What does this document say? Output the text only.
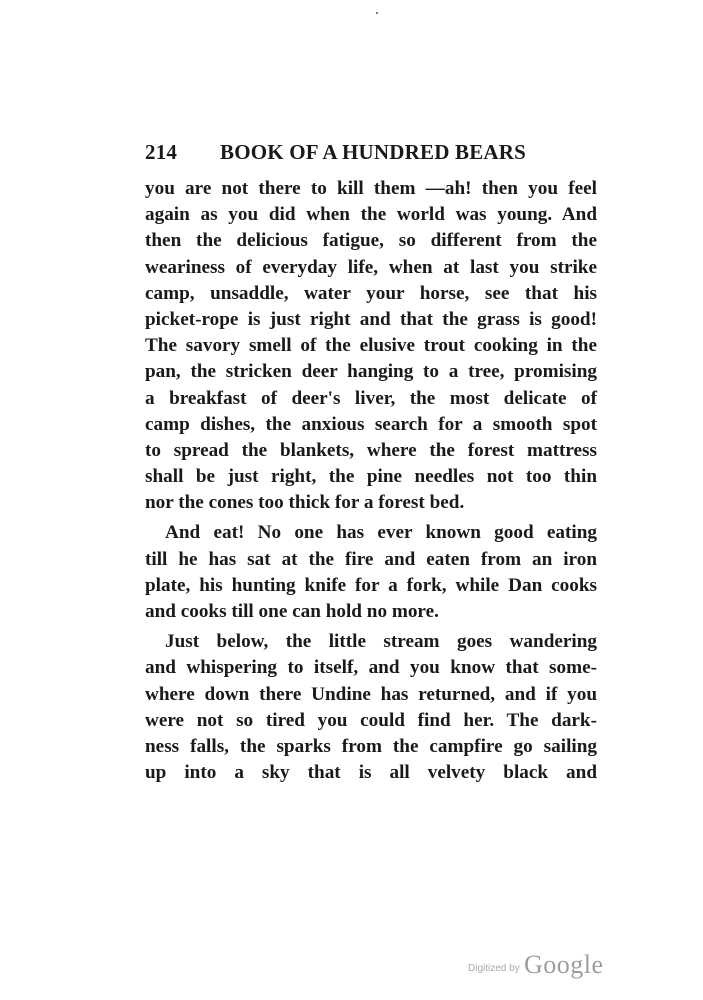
214 BOOK OF A HUNDRED BEARS
you are not there to kill them —ah! then you feel
again as you did when the world was young. And
then the delicious fatigue, so different from the
weariness of everyday life, when at last you strike
camp, unsaddle, water your horse, see that his
picket-rope is just right and that the grass is good!
The savory smell of the elusive trout cooking in the
pan, the stricken deer hanging to a tree, promising
a breakfast of deer's liver, the most delicate of
camp dishes, the anxious search for a smooth spot
to spread the blankets, where the forest mattress
shall be just right, the pine needles not too thin
nor the cones too thick for a forest bed.
And eat! No one has ever known good eating
till he has sat at the fire and eaten from an iron
plate, his hunting knife for a fork, while Dan cooks
and cooks till one can hold no more.
Just below, the little stream goes wandering
and whispering to itself, and you know that some-
where down there Undine has returned, and if you
were not so tired you could find her. The dark-
ness falls, the sparks from the campfire go sailing
up into a sky that is all velvety black and
Digitized by Google
